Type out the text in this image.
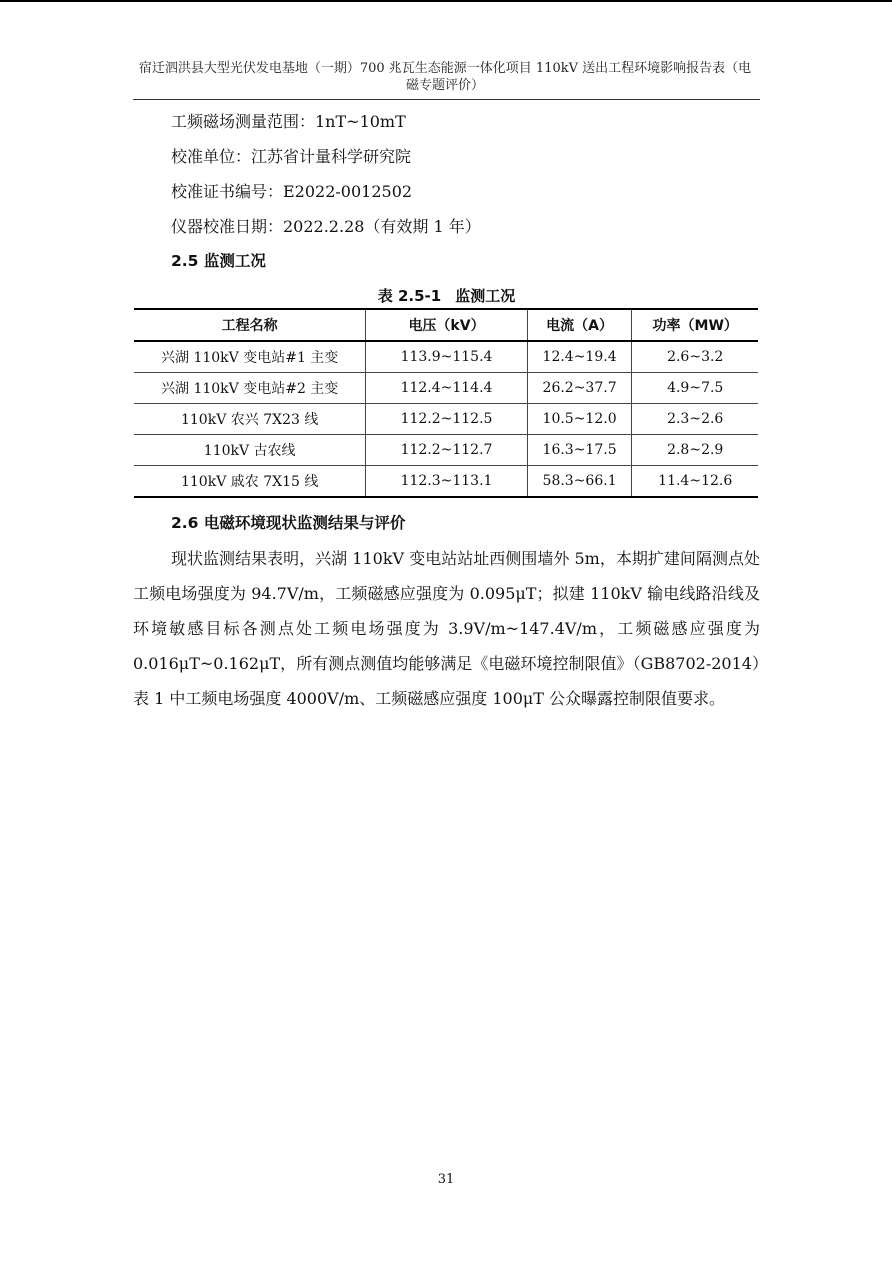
宿迁泗洪县大型光伏发电基地（一期）700 兆瓦生态能源一体化项目 110kV 送出工程环境影响报告表（电
磁专题评价）
工频磁场测量范围：1nT~10mT
校准单位：江苏省计量科学研究院
校准证书编号：E2022-0012502
仪器校准日期：2022.2.28（有效期 1 年）
2.5 监测工况
表 2.5-1 监测工况
工程名称	电压（kV）	电流（A）	功率（MW）
兴湖 110kV 变电站#1 主变	113.9~115.4	12.4~19.4	2.6~3.2
兴湖 110kV 变电站#2 主变	112.4~114.4	26.2~37.7	4.9~7.5
110kV 农兴 7X23 线	112.2~112.5	10.5~12.0	2.3~2.6
110kV 古农线	112.2~112.7	16.3~17.5	2.8~2.9
110kV 戚农 7X15 线	112.3~113.1	58.3~66.1	11.4~12.6
2.6 电磁环境现状监测结果与评价

现状监测结果表明，兴湖 110kV 变电站站址西侧围墙外 5m，本期扩建间隔测点处工频电场强度为 94.7V/m，工频磁感应强度为 0.095μT；拟建 110kV 输电线路沿线及环境敏感目标各测点处工频电场强度为 3.9V/m~147.4V/m，工频磁感应强度为 0.016μT~0.162μT，所有测点测值均能够满足《电磁环境控制限值》（GB8702-2014）表 1 中工频电场强度 4000V/m、工频磁感应强度 100μT 公众曝露控制限值要求。

31
